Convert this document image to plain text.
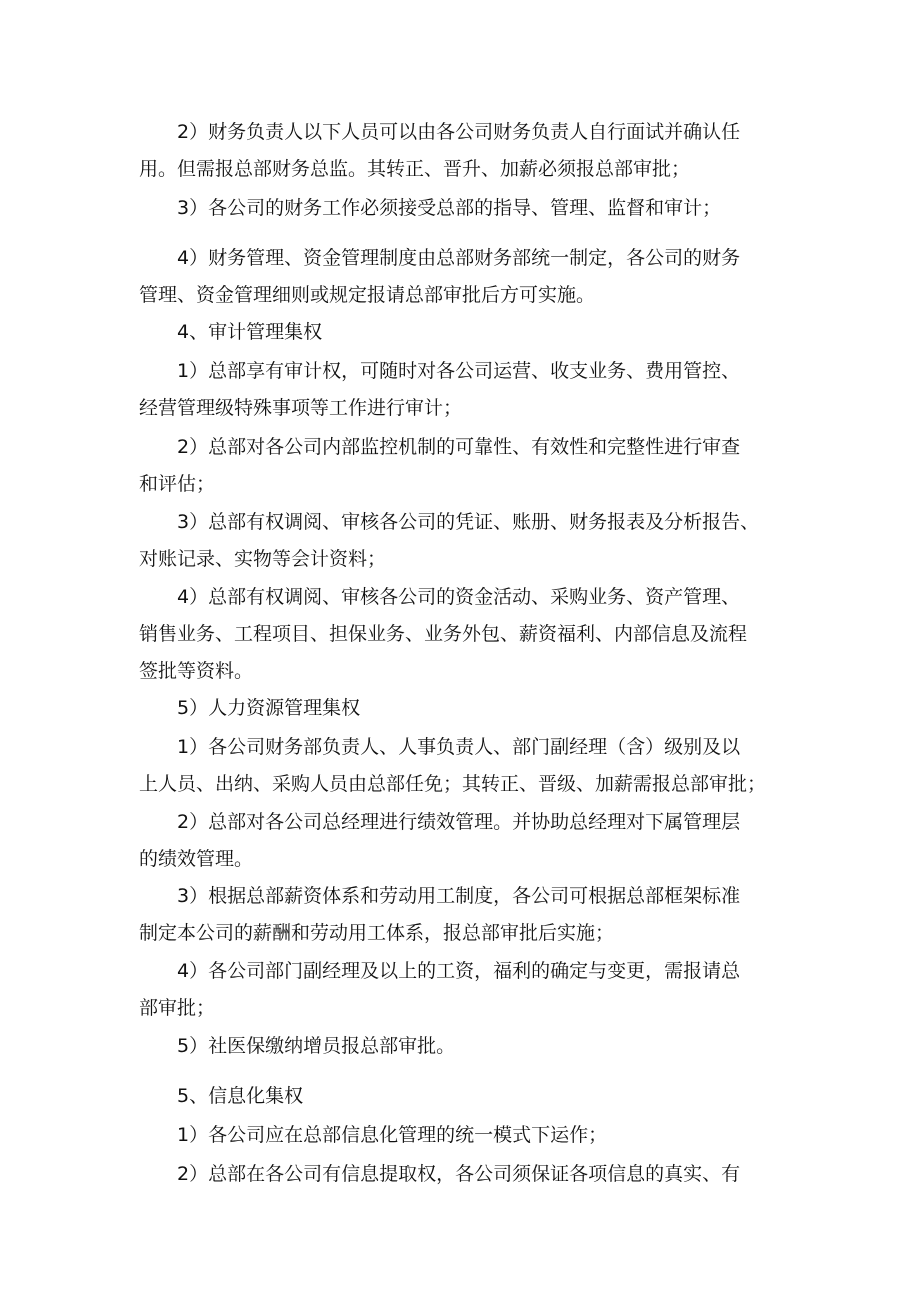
2）财务负责人以下人员可以由各公司财务负责人自行面试并确认任
用。但需报总部财务总监。其转正、晋升、加薪必须报总部审批；
3）各公司的财务工作必须接受总部的指导、管理、监督和审计；
4）财务管理、资金管理制度由总部财务部统一制定，各公司的财务
管理、资金管理细则或规定报请总部审批后方可实施。
4、审计管理集权
1）总部享有审计权，可随时对各公司运营、收支业务、费用管控、
经营管理级特殊事项等工作进行审计；
2）总部对各公司内部监控机制的可靠性、有效性和完整性进行审查
和评估；
3）总部有权调阅、审核各公司的凭证、账册、财务报表及分析报告、
对账记录、实物等会计资料；
4）总部有权调阅、审核各公司的资金活动、采购业务、资产管理、
销售业务、工程项目、担保业务、业务外包、薪资福利、内部信息及流程
签批等资料。
5）人力资源管理集权
1）各公司财务部负责人、人事负责人、部门副经理（含）级别及以
上人员、出纳、采购人员由总部任免；其转正、晋级、加薪需报总部审批；
2）总部对各公司总经理进行绩效管理。并协助总经理对下属管理层
的绩效管理。
3）根据总部薪资体系和劳动用工制度，各公司可根据总部框架标准
制定本公司的薪酬和劳动用工体系，报总部审批后实施；
4）各公司部门副经理及以上的工资，福利的确定与变更，需报请总
部审批；
5）社医保缴纳增员报总部审批。
5、信息化集权
1）各公司应在总部信息化管理的统一模式下运作；
2）总部在各公司有信息提取权，各公司须保证各项信息的真实、有
